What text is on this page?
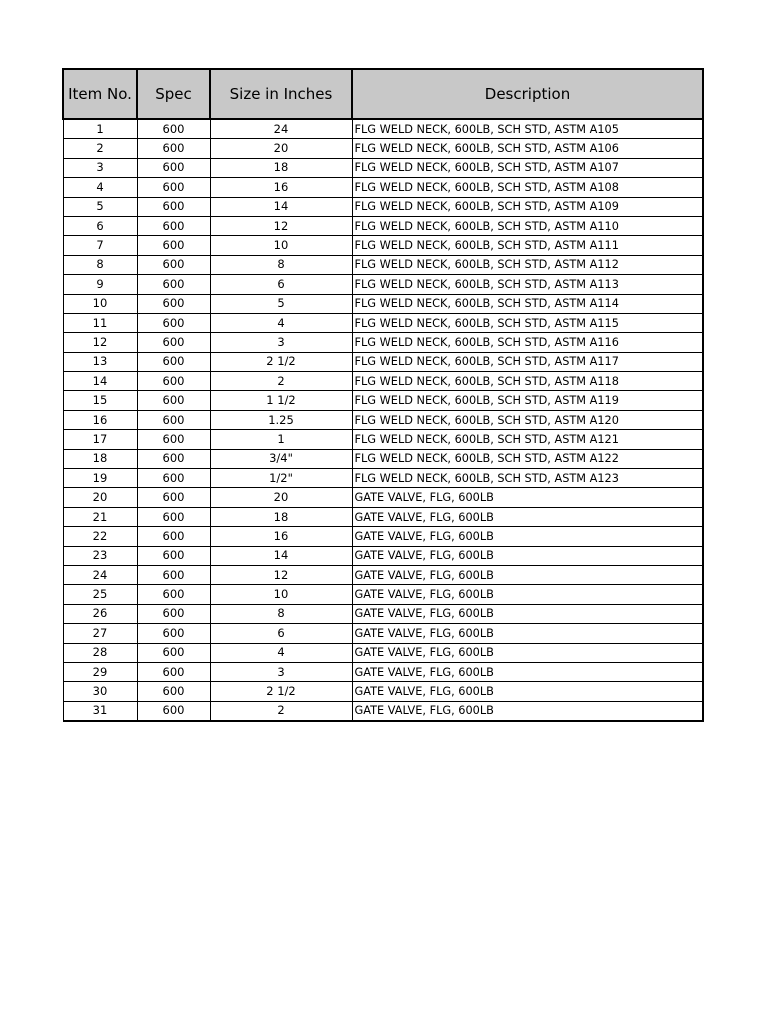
Item No.	Spec	Size in Inches	Description
1	600	24	FLG WELD NECK, 600LB, SCH STD, ASTM A105
2	600	20	FLG WELD NECK, 600LB, SCH STD, ASTM A106
3	600	18	FLG WELD NECK, 600LB, SCH STD, ASTM A107
4	600	16	FLG WELD NECK, 600LB, SCH STD, ASTM A108
5	600	14	FLG WELD NECK, 600LB, SCH STD, ASTM A109
6	600	12	FLG WELD NECK, 600LB, SCH STD, ASTM A110
7	600	10	FLG WELD NECK, 600LB, SCH STD, ASTM A111
8	600	8	FLG WELD NECK, 600LB, SCH STD, ASTM A112
9	600	6	FLG WELD NECK, 600LB, SCH STD, ASTM A113
10	600	5	FLG WELD NECK, 600LB, SCH STD, ASTM A114
11	600	4	FLG WELD NECK, 600LB, SCH STD, ASTM A115
12	600	3	FLG WELD NECK, 600LB, SCH STD, ASTM A116
13	600	2 1/2	FLG WELD NECK, 600LB, SCH STD, ASTM A117
14	600	2	FLG WELD NECK, 600LB, SCH STD, ASTM A118
15	600	1 1/2	FLG WELD NECK, 600LB, SCH STD, ASTM A119
16	600	1.25	FLG WELD NECK, 600LB, SCH STD, ASTM A120
17	600	1	FLG WELD NECK, 600LB, SCH STD, ASTM A121
18	600	3/4"	FLG WELD NECK, 600LB, SCH STD, ASTM A122
19	600	1/2"	FLG WELD NECK, 600LB, SCH STD, ASTM A123
20	600	20	GATE VALVE, FLG, 600LB
21	600	18	GATE VALVE, FLG, 600LB
22	600	16	GATE VALVE, FLG, 600LB
23	600	14	GATE VALVE, FLG, 600LB
24	600	12	GATE VALVE, FLG, 600LB
25	600	10	GATE VALVE, FLG, 600LB
26	600	8	GATE VALVE, FLG, 600LB
27	600	6	GATE VALVE, FLG, 600LB
28	600	4	GATE VALVE, FLG, 600LB
29	600	3	GATE VALVE, FLG, 600LB
30	600	2 1/2	GATE VALVE, FLG, 600LB
31	600	2	GATE VALVE, FLG, 600LB
